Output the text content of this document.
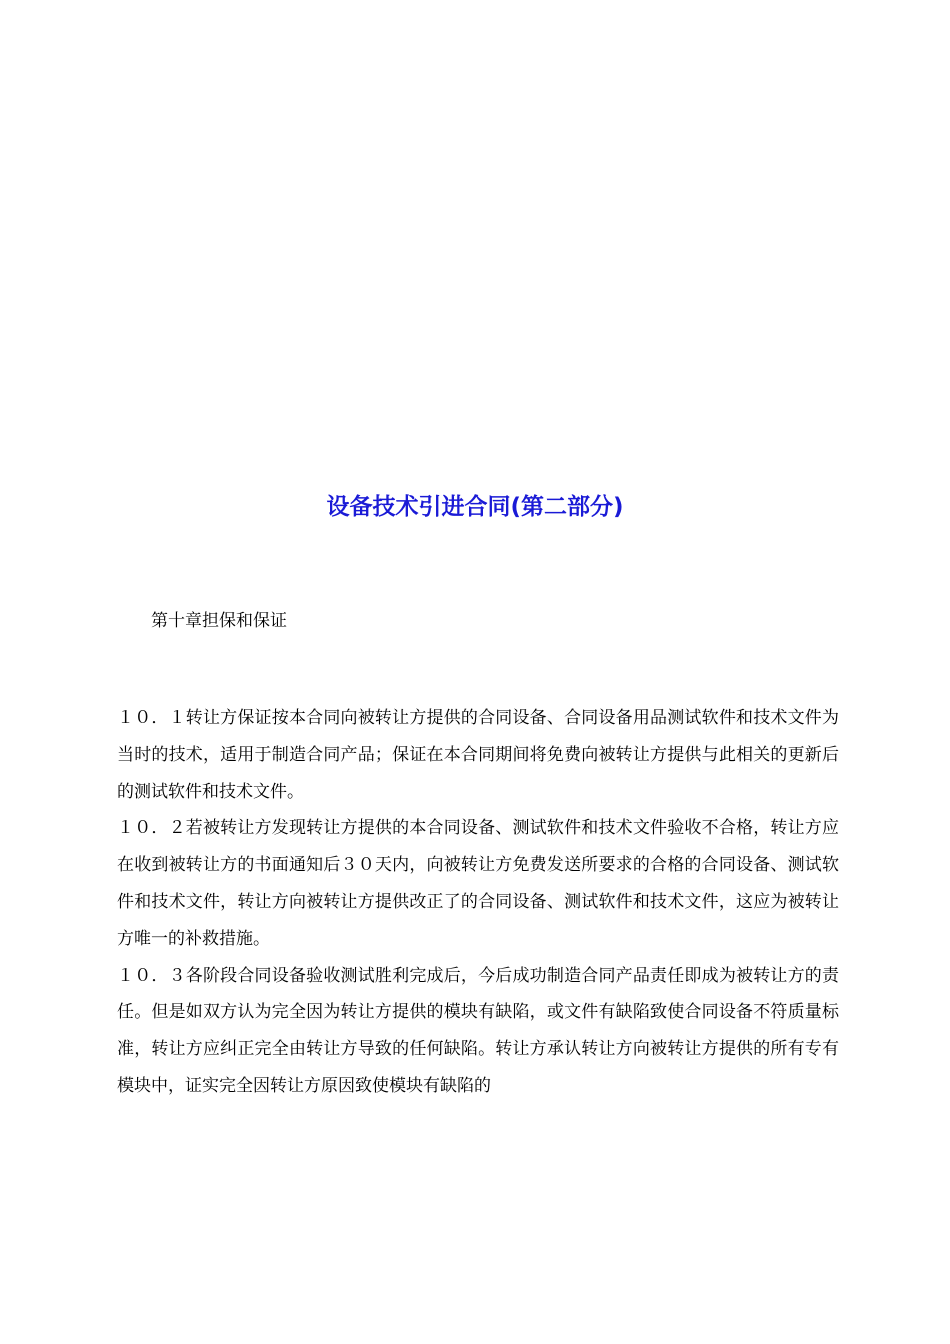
设备技术引进合同(第二部分)

第十章担保和保证

１０．１转让方保证按本合同向被转让方提供的合同设备、合同设备用品测试软件和技术文件为当时的技术，适用于制造合同产品；保证在本合同期间将免费向被转让方提供与此相关的更新后的测试软件和技术文件。

１０．２若被转让方发现转让方提供的本合同设备、测试软件和技术文件验收不合格，转让方应在收到被转让方的书面通知后３０天内，向被转让方免费发送所要求的合格的合同设备、测试软件和技术文件，转让方向被转让方提供改正了的合同设备、测试软件和技术文件，这应为被转让方唯一的补救措施。

１０．３各阶段合同设备验收测试胜利完成后，今后成功制造合同产品责任即成为被转让方的责任。但是如双方认为完全因为转让方提供的模块有缺陷，或文件有缺陷致使合同设备不符质量标准，转让方应纠正完全由转让方导致的任何缺陷。转让方承认转让方向被转让方提供的所有专有模块中，证实完全因转让方原因致使模块有缺陷的
